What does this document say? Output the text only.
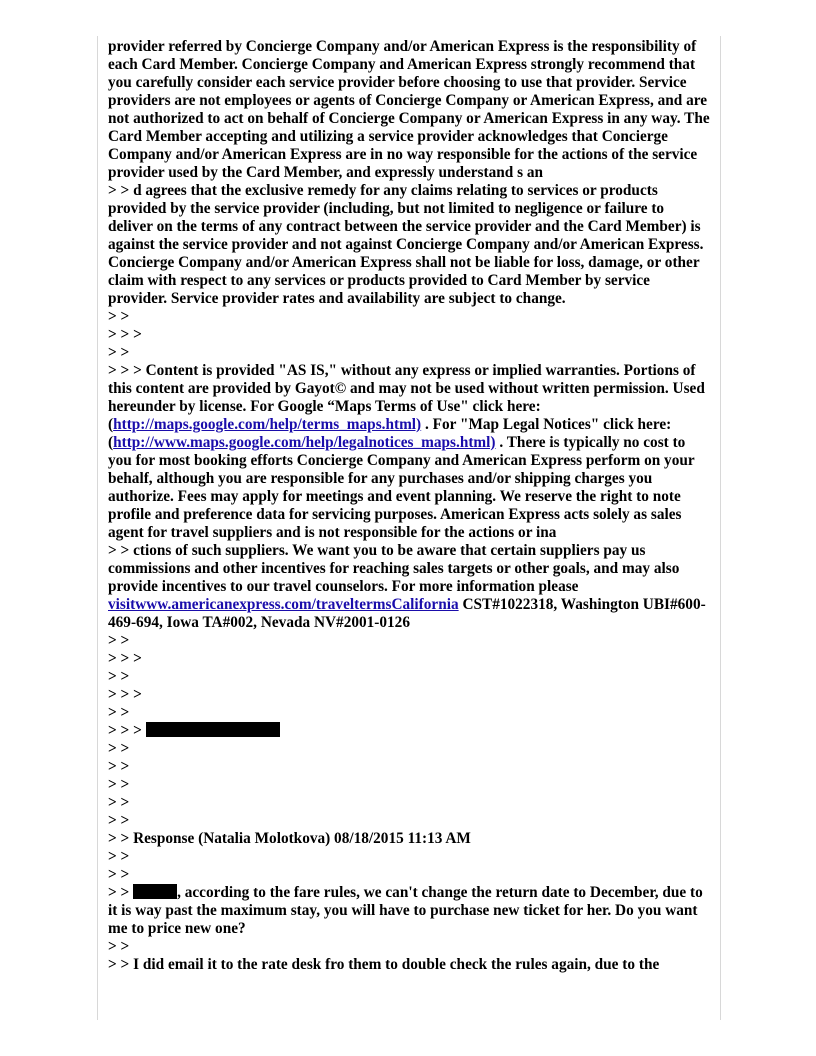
provider referred by Concierge Company and/or American Express is the responsibility of each Card Member. Concierge Company and American Express strongly recommend that you carefully consider each service provider before choosing to use that provider. Service providers are not employees or agents of Concierge Company or American Express, and are not authorized to act on behalf of Concierge Company or American Express in any way. The Card Member accepting and utilizing a service provider acknowledges that Concierge Company and/or American Express are in no way responsible for the actions of the service provider used by the Card Member, and expressly understand s an

> > d agrees that the exclusive remedy for any claims relating to services or products provided by the service provider (including, but not limited to negligence or failure to deliver on the terms of any contract between the service provider and the Card Member) is against the service provider and not against Concierge Company and/or American Express. Concierge Company and/or American Express shall not be liable for loss, damage, or other claim with respect to any services or products provided to Card Member by service provider. Service provider rates and availability are subject to change.

> >

> > >

> >

> > > Content is provided "AS IS," without any express or implied warranties. Portions of this content are provided by Gayot© and may not be used without written permission. Used hereunder by license. For Google “Maps Terms of Use" click here: (http://maps.google.com/help/terms_maps.html) . For "Map Legal Notices" click here: (http://www.maps.google.com/help/legalnotices_maps.html) . There is typically no cost to you for most booking efforts Concierge Company and American Express perform on your behalf, although you are responsible for any purchases and/or shipping charges you authorize. Fees may apply for meetings and event planning. We reserve the right to note profile and preference data for servicing purposes. American Express acts solely as sales agent for travel suppliers and is not responsible for the actions or ina

> > ctions of such suppliers. We want you to be aware that certain suppliers pay us commissions and other incentives for reaching sales targets or other goals, and may also provide incentives to our travel counselors. For more information please visitwww.americanexpress.com/traveltermsCalifornia CST#1022318, Washington UBI#600-469-694, Iowa TA#002, Nevada NV#2001-0126

> >

> > >

> >

> > >

> >

> > >

> >

> >

> >

> >

> >

> > Response (Natalia Molotkova) 08/18/2015 11:13 AM

> >

> >

> >	, according to the fare rules, we can't change the return date to December, due to it is way past the maximum stay, you will have to purchase new ticket for her. Do you want me to price new one?

> >

> > I did email it to the rate desk fro them to double check the rules again, due to the
